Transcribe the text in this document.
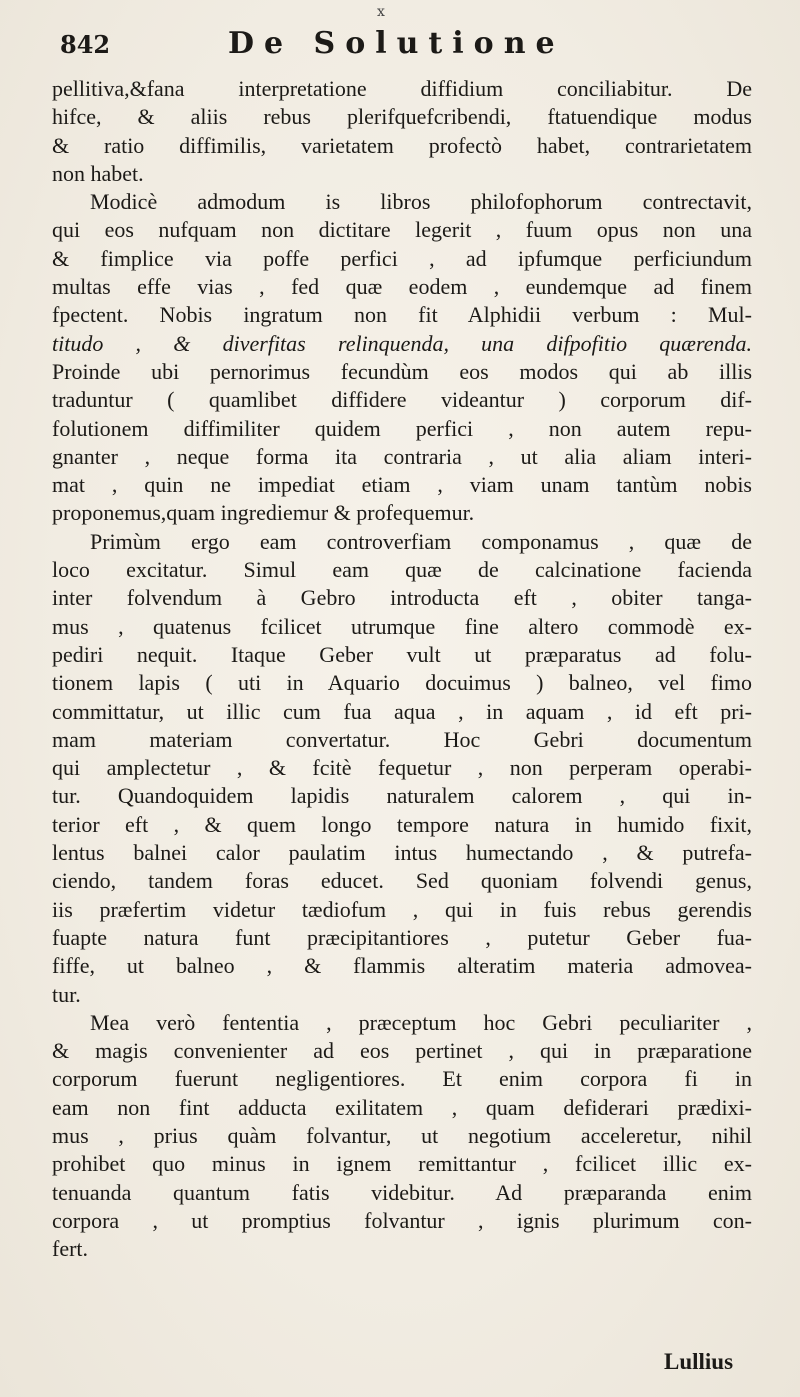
x
842	De Solutione
pellitiva,&fana interpretatione diffidium conciliabitur. De
hifce, & aliis rebus plerifquefcribendi, ftatuendique modus
& ratio diffimilis, varietatem profectò habet, contrarietatem
non habet.
Modicè admodum is libros philofophorum contrectavit,
qui eos nufquam non dictitare legerit , fuum opus non una
& fimplice via poffe perfici , ad ipfumque perficiundum
multas effe vias , fed quæ eodem , eundemque ad finem
fpectent. Nobis ingratum non fit Alphidii verbum : Mul-
titudo , & diverfitas relinquenda, una difpofitio quærenda.
Proinde ubi pernorimus fecundùm eos modos qui ab illis
traduntur ( quamlibet diffidere videantur ) corporum dif-
folutionem diffimiliter quidem perfici , non autem repu-
gnanter , neque forma ita contraria , ut alia aliam interi-
mat , quin ne impediat etiam , viam unam tantùm nobis
proponemus,quam ingrediemur & profequemur.
Primùm ergo eam controverfiam componamus , quæ de
loco excitatur. Simul eam quæ de calcinatione facienda
inter folvendum à Gebro introducta eft , obiter tanga-
mus , quatenus fcilicet utrumque fine altero commodè ex-
pediri nequit. Itaque Geber vult ut præparatus ad folu-
tionem lapis ( uti in Aquario docuimus ) balneo, vel fimo
committatur, ut illic cum fua aqua , in aquam , id eft pri-
mam materiam convertatur. Hoc Gebri documentum
qui amplectetur , & fcitè fequetur , non perperam operabi-
tur. Quandoquidem lapidis naturalem calorem , qui in-
terior eft , & quem longo tempore natura in humido fixit,
lentus balnei calor paulatim intus humectando , & putrefa-
ciendo, tandem foras educet. Sed quoniam folvendi genus,
iis præfertim videtur tædiofum , qui in fuis rebus gerendis
fuapte natura funt præcipitantiores , putetur Geber fua-
fiffe, ut balneo , & flammis alteratim materia admovea-
tur.
Mea verò fententia , præceptum hoc Gebri peculiariter ,
& magis convenienter ad eos pertinet , qui in præparatione
corporum fuerunt negligentiores. Et enim corpora fi in
eam non fint adducta exilitatem , quam defiderari prædixi-
mus , prius quàm folvantur, ut negotium acceleretur, nihil
prohibet quo minus in ignem remittantur , fcilicet illic ex-
tenuanda quantum fatis videbitur. Ad præparanda enim
corpora , ut promptius folvantur , ignis plurimum con-
fert.
Lullius
